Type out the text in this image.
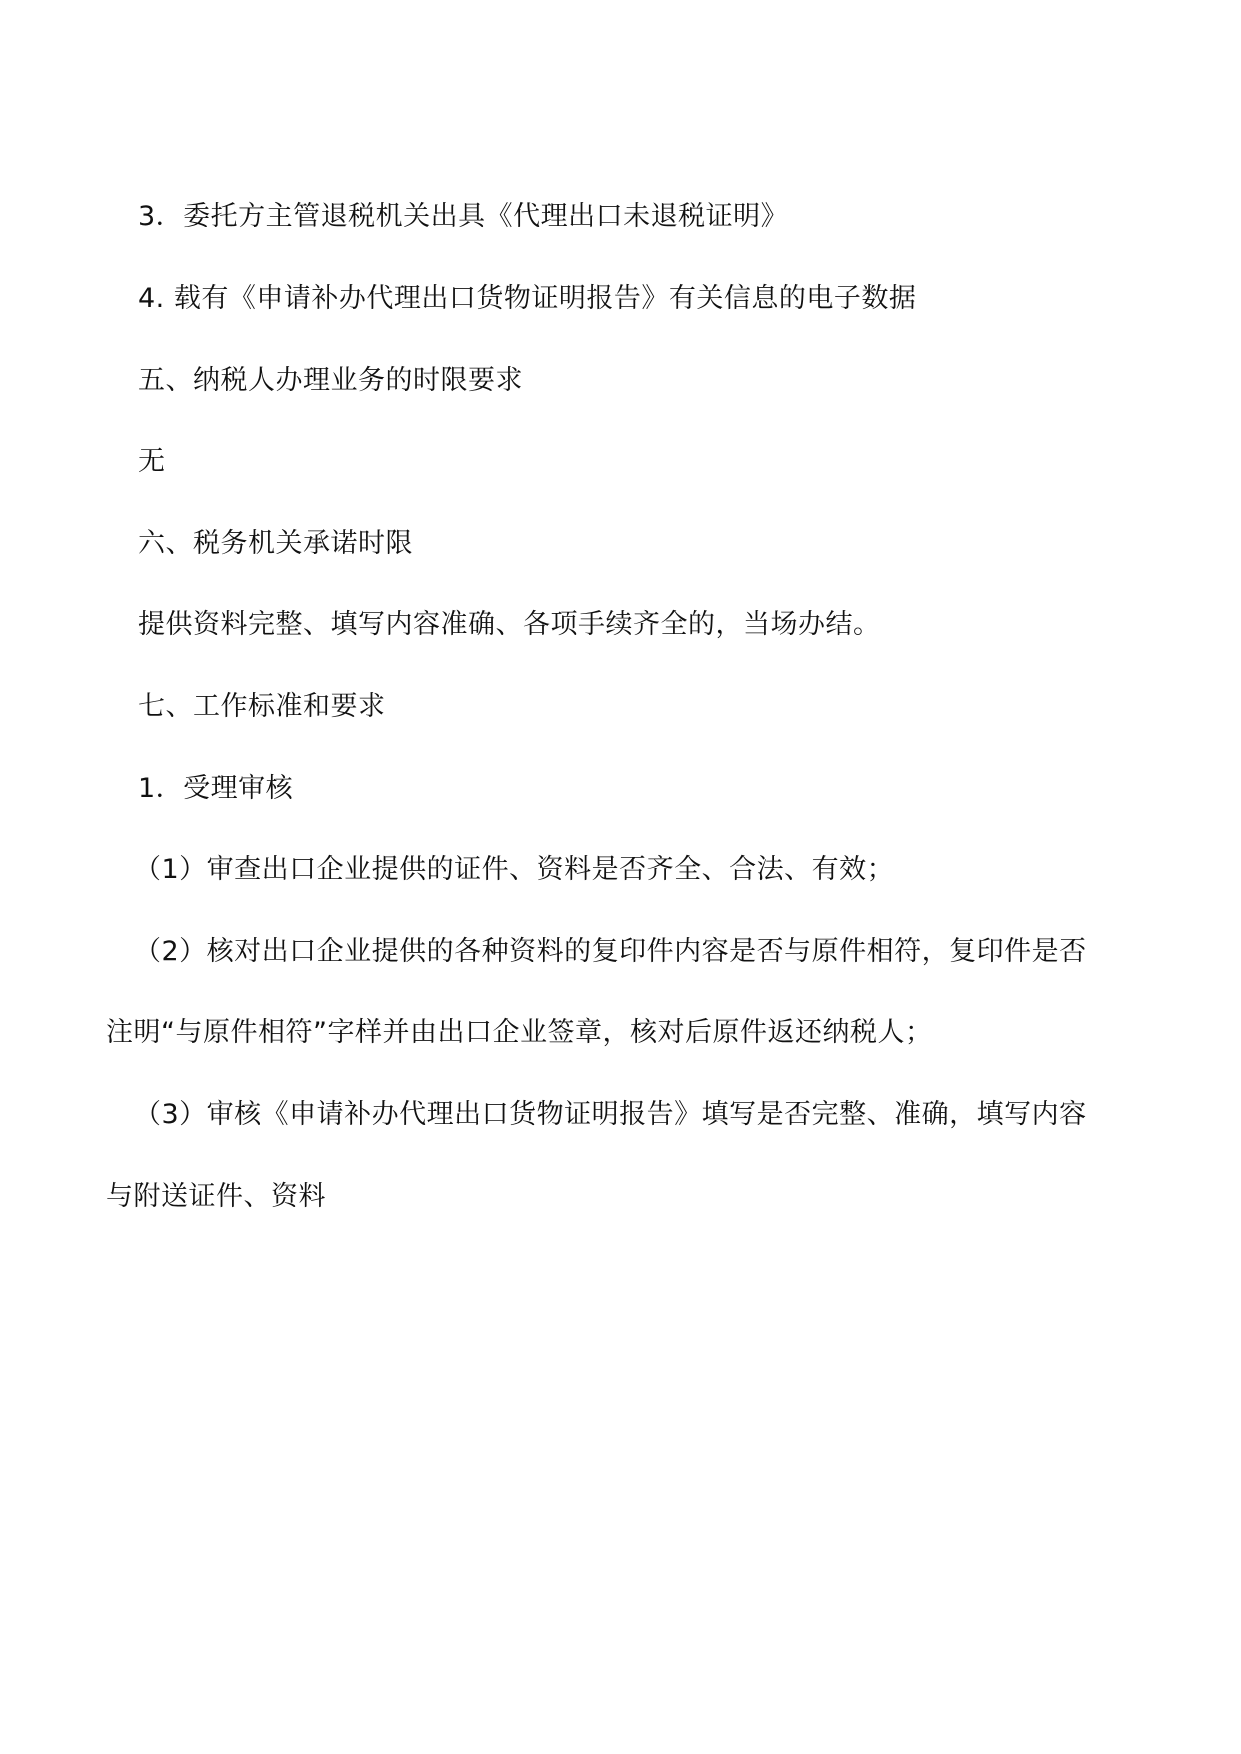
3．委托方主管退税机关出具《代理出口未退税证明》

4. 载有《申请补办代理出口货物证明报告》有关信息的电子数据

五、纳税人办理业务的时限要求

无

六、税务机关承诺时限

提供资料完整、填写内容准确、各项手续齐全的，当场办结。

七、工作标准和要求

1．受理审核

（1）审查出口企业提供的证件、资料是否齐全、合法、有效；

（2）核对出口企业提供的各种资料的复印件内容是否与原件相符，复印件是否

注明“与原件相符”字样并由出口企业签章，核对后原件返还纳税人；

（3）审核《申请补办代理出口货物证明报告》填写是否完整、准确，填写内容

与附送证件、资料
